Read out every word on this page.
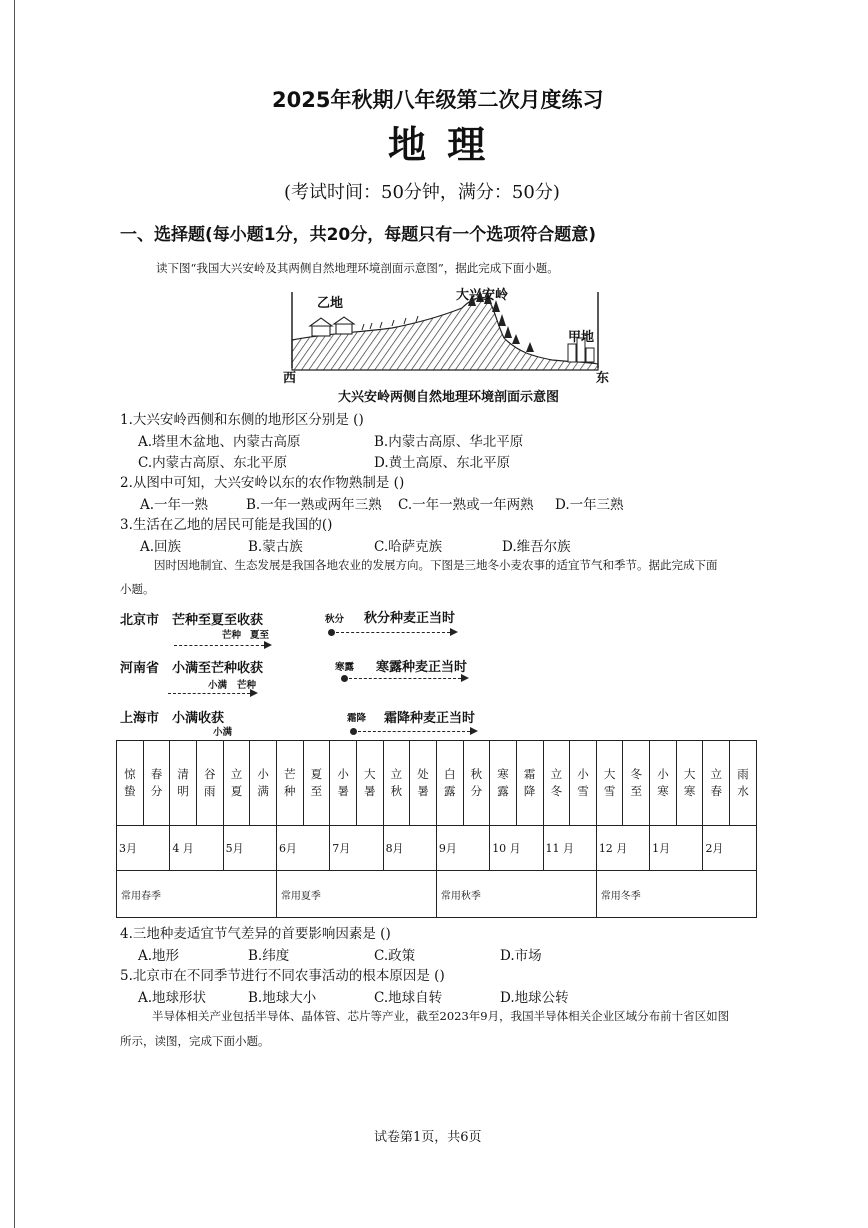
2025年秋期八年级第二次月度练习
地 理
(考试时间：50分钟，满分：50分)
一、选择题(每小题1分，共20分，每题只有一个选项符合题意)
读下图“我国大兴安岭及其两侧自然地理环境剖面示意图”，据此完成下面小题。
乙地
大兴安岭
甲地
西	东
大兴安岭两侧自然地理环境剖面示意图
1.大兴安岭西侧和东侧的地形区分别是 ()
A.塔里木盆地、内蒙古高原	B.内蒙古高原、华北平原
C.内蒙古高原、东北平原	D.黄土高原、东北平原
2.从图中可知，大兴安岭以东的农作物熟制是 ()
A.一年一熟	B.一年一熟或两年三熟 C.一年一熟或一年两熟 D.一年三熟
3.生活在乙地的居民可能是我国的()
A.回族	B.蒙古族	C.哈萨克族	D.维吾尔族
因时因地制宜、生态发展是我国各地农业的发展方向。下图是三地冬小麦农事的适宜节气和季节。据此完成下面
小题。
北京市 芒种至夏至收获
芒种 夏至
秋分 秋分种麦正当时
河南省 小满至芒种收获
小满 芒种
寒露 寒露种麦正当时
上海市 小满收获
小满
霜降 霜降种麦正当时
惊蛰	春分	清明	谷雨	立夏	小满	芒种	夏至	小暑	大暑	立秋	处暑	白露	秋分	寒露	霜降	立冬	小雪	大雪	冬至	小寒	大寒	立春	雨水
3月		4 月		5月		6月		7月		8月		9月		10 月		11 月		12 月		1月		2月	
常用春季						常用夏季						常用秋季						常用冬季					
4.三地种麦适宜节气差异的首要影响因素是 ()
A.地形	B.纬度	C.政策	D.市场
5.北京市在不同季节进行不同农事活动的根本原因是 ()
A.地球形状	B.地球大小	C.地球自转	D.地球公转
半导体相关产业包括半导体、晶体管、芯片等产业，截至2023年9月，我国半导体相关企业区域分布前十省区如图
所示，读图，完成下面小题。
试卷第1页，共6页
